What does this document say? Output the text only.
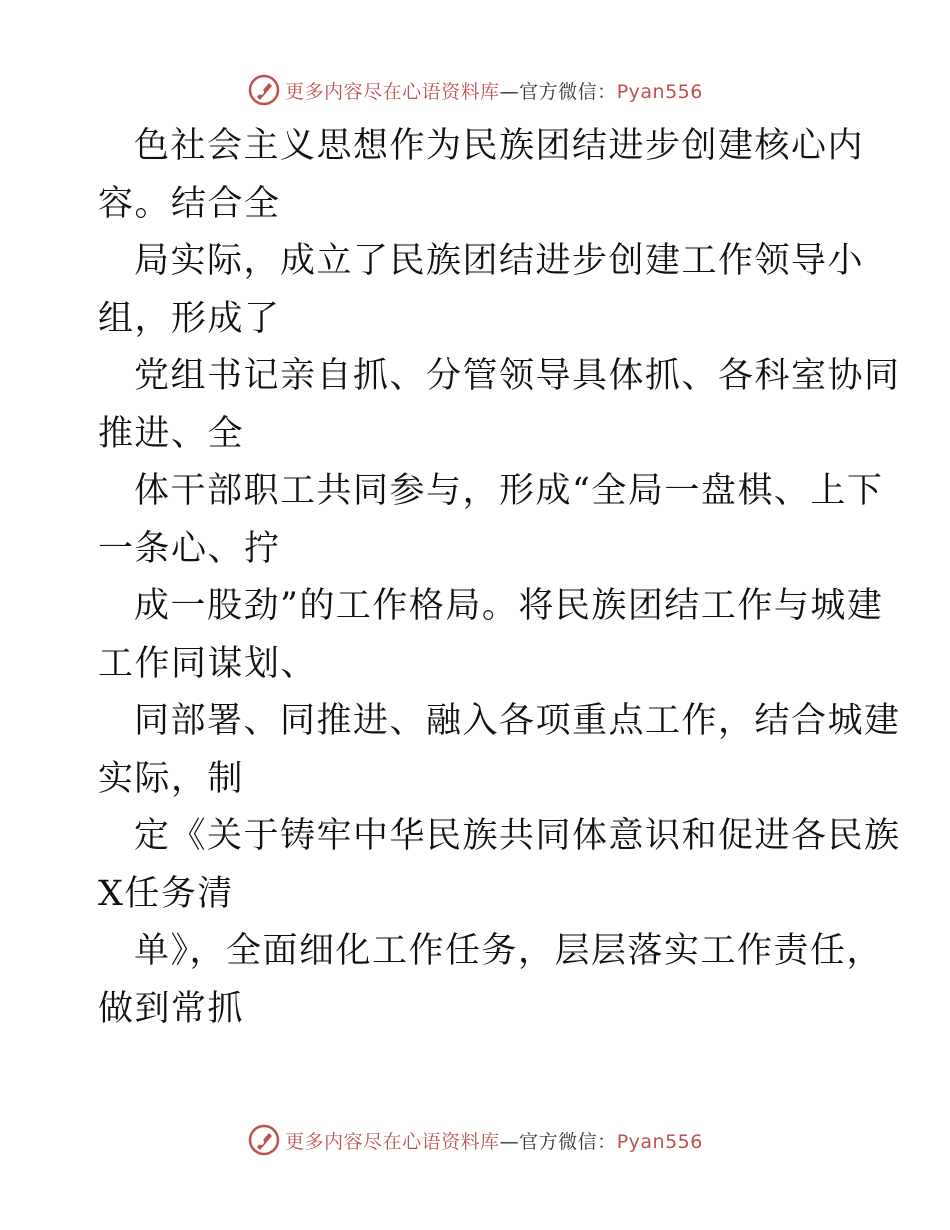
更多内容尽在心语资料库—官方微信：Pyan556
色社会主义思想作为民族团结进步创建核心内
容。结合全
局实际，成立了民族团结进步创建工作领导小
组，形成了
党组书记亲自抓、分管领导具体抓、各科室协同
推进、全
体干部职工共同参与，形成“全局一盘棋、上下
一条心、拧
成一股劲”的工作格局。将民族团结工作与城建
工作同谋划、
同部署、同推进、融入各项重点工作，结合城建
实际，制
定《关于铸牢中华民族共同体意识和促进各民族
X任务清
单》，全面细化工作任务，层层落实工作责任，
做到常抓
更多内容尽在心语资料库—官方微信：Pyan556
